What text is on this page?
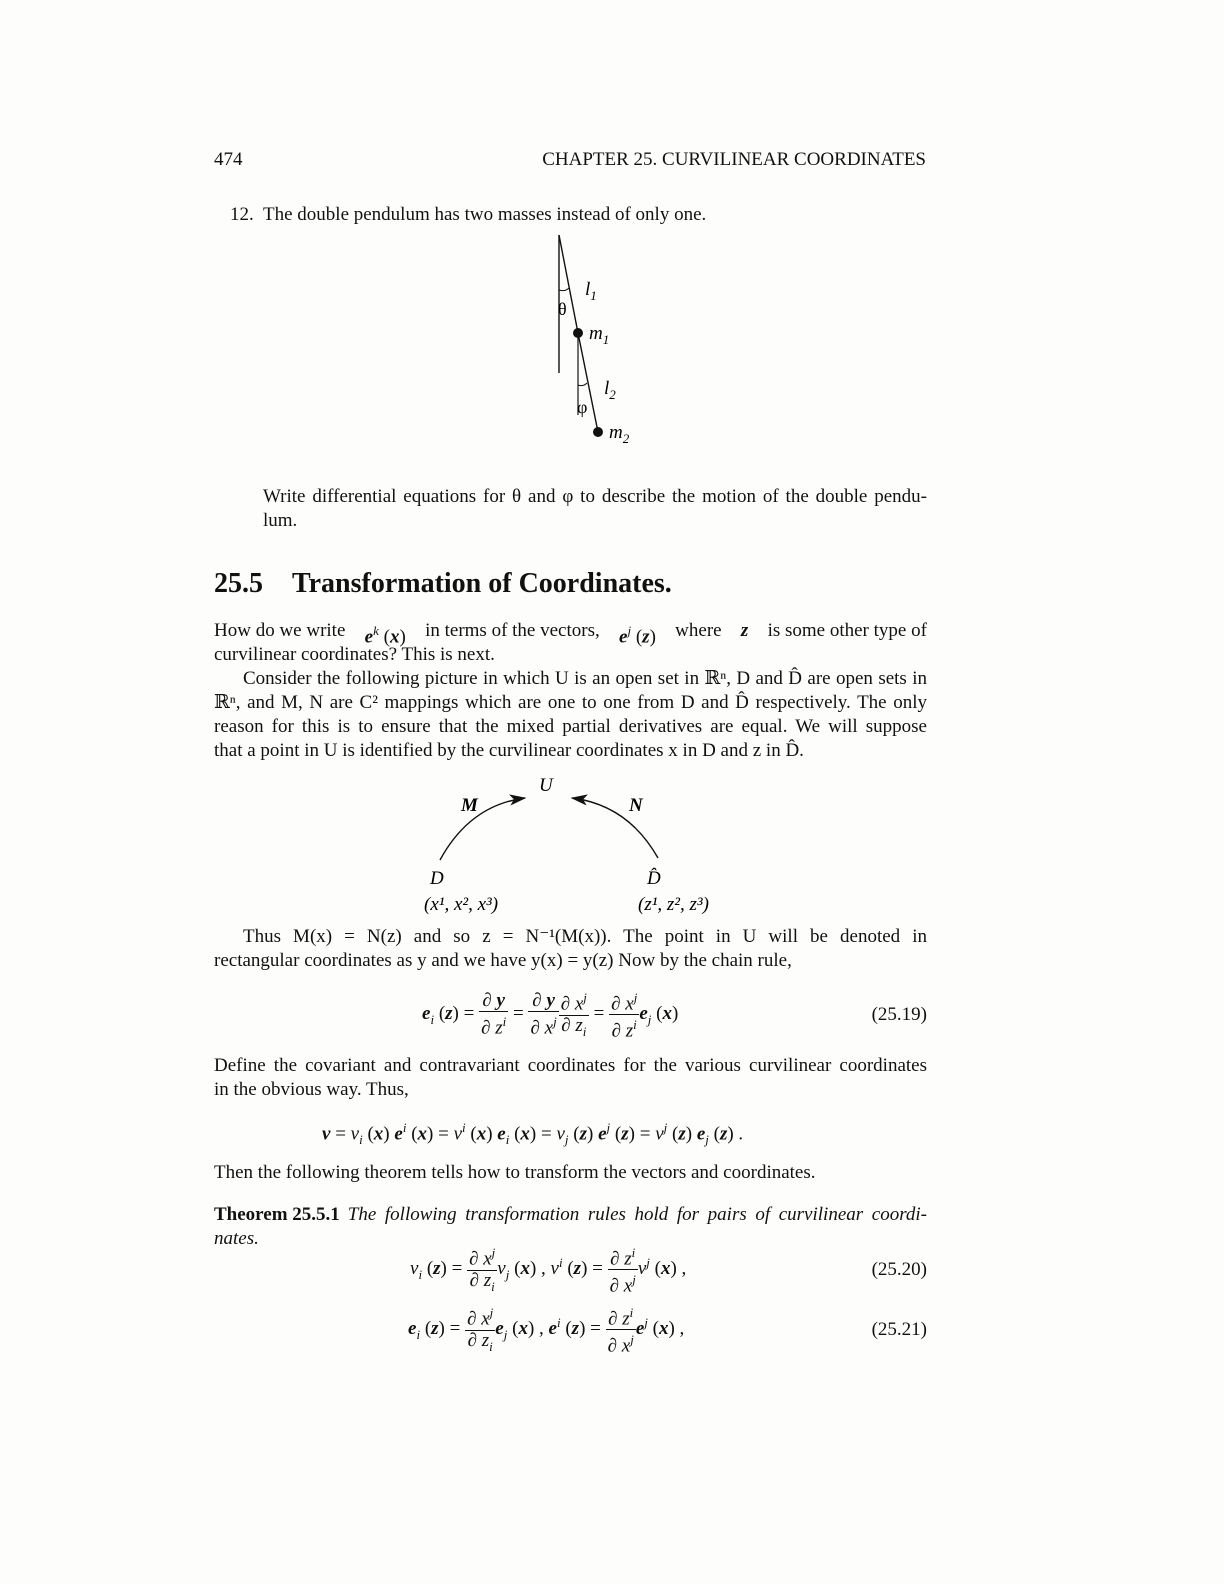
474	CHAPTER 25. CURVILINEAR COORDINATES
12. The double pendulum has two masses instead of only one.
θ
φ
$l_1$
$m_1$
$l_2$
$m_2$
Write differential equations for θ and φ to describe the motion of the double pendu-
lum.
25.5 Transformation of Coordinates.
How do we write $e^k$ (x) in terms of the vectors, $e^j$ (z) where z is some other type of
curvilinear coordinates? This is next.
Consider the following picture in which U is an open set in ℝⁿ, D and D̂ are open sets in
ℝⁿ, and M, N are C² mappings which are one to one from D and D̂ respectively. The only
reason for this is to ensure that the mixed partial derivatives are equal. We will suppose
that a point in U is identified by the curvilinear coordinates x in D and z in D̂.
U
M	N
D	D̂
(x¹, x², x³)	(z¹, z², z³)
Thus M(x) = N(z) and so z = N⁻¹(M(x)). The point in U will be denoted in
rectangular coordinates as y and we have y(x) = y(z) Now by the chain rule,
$e_i$ $(z) = \frac{\partial y}{\partial z^i} = \frac{\partial y}{\partial x^j} \frac{\partial x^j}{\partial z_i} = \frac{\partial x^j}{\partial z^i} e_j$ (x)	(25.19)
Define the covariant and contravariant coordinates for the various curvilinear coordinates
in the obvious way. Thus,
$v = v_i$ (x) $e^i$ $(x) = v^i$ (x) $e_i$ $(x) = v_j$ (z) $e^j$ $(z) = v^j$ (z) $e_j$ (z) .
Then the following theorem tells how to transform the vectors and coordinates.
Theorem 25.5.1 The following transformation rules hold for pairs of curvilinear coordi-
nates.
$v_i$ $(z) = \frac{\partial x^j}{\partial z_i} v_j$ (x) , $v^i$ $(z) = \frac{\partial z^i}{\partial x^j} v^j$ (x) ,	(25.20)
$e_i$ $(z) = \frac{\partial x^j}{\partial z_i} e_j$ (x) , $e^i$ $(z) = \frac{\partial z^i}{\partial x^j} e^j$ (x) ,	(25.21)
